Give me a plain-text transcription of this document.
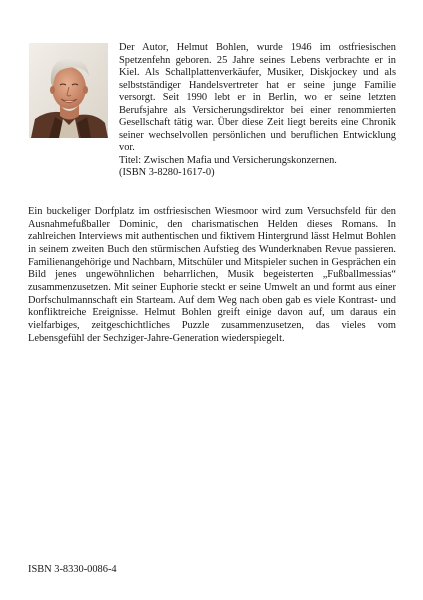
Der Autor, Helmut Bohlen, wurde 1946 im ostfriesischen Spetzenfehn geboren. 25 Jahre seines Lebens verbrachte er in Kiel. Als Schallplattenverkäufer, Musiker, Diskjockey und als selbstständiger Handelsvertreter hat er seine junge Familie versorgt. Seit 1990 lebt er in Berlin, wo er seine letzten Berufsjahre als Versicherungsdirektor bei einer renommierten Gesellschaft tätig war. Über diese Zeit liegt bereits eine Chronik seiner wechselvollen persönlichen und beruflichen Entwicklung vor.

Titel: Zwischen Mafia und Versicherungskonzernen.

(ISBN 3-8280-1617-0)

Ein buckeliger Dorfplatz im ostfriesischen Wiesmoor wird zum Versuchsfeld für den Ausnahmefußballer Dominic, den charismatischen Helden dieses Romans. In zahlreichen Interviews mit authentischen und fiktivem Hintergrund lässt Helmut Bohlen in seinem zweiten Buch den stürmischen Aufstieg des Wunderknaben Revue passieren. Familienangehörige und Nachbarn, Mitschüler und Mitspieler suchen in Gesprächen ein Bild jenes ungewöhnlichen beharrlichen, Musik begeisterten „Fußballmessias“ zusammenzusetzen. Mit seiner Euphorie steckt er seine Umwelt an und formt aus einer Dorfschulmannschaft ein Starteam. Auf dem Weg nach oben gab es viele Kontrast- und konfliktreiche Ereignisse. Helmut Bohlen greift einige davon auf, um daraus ein vielfarbiges, zeitgeschichtliches Puzzle zusammenzusetzen, das vieles vom Lebensgefühl der Sechziger-Jahre-Generation wiederspiegelt.

ISBN 3-8330-0086-4
